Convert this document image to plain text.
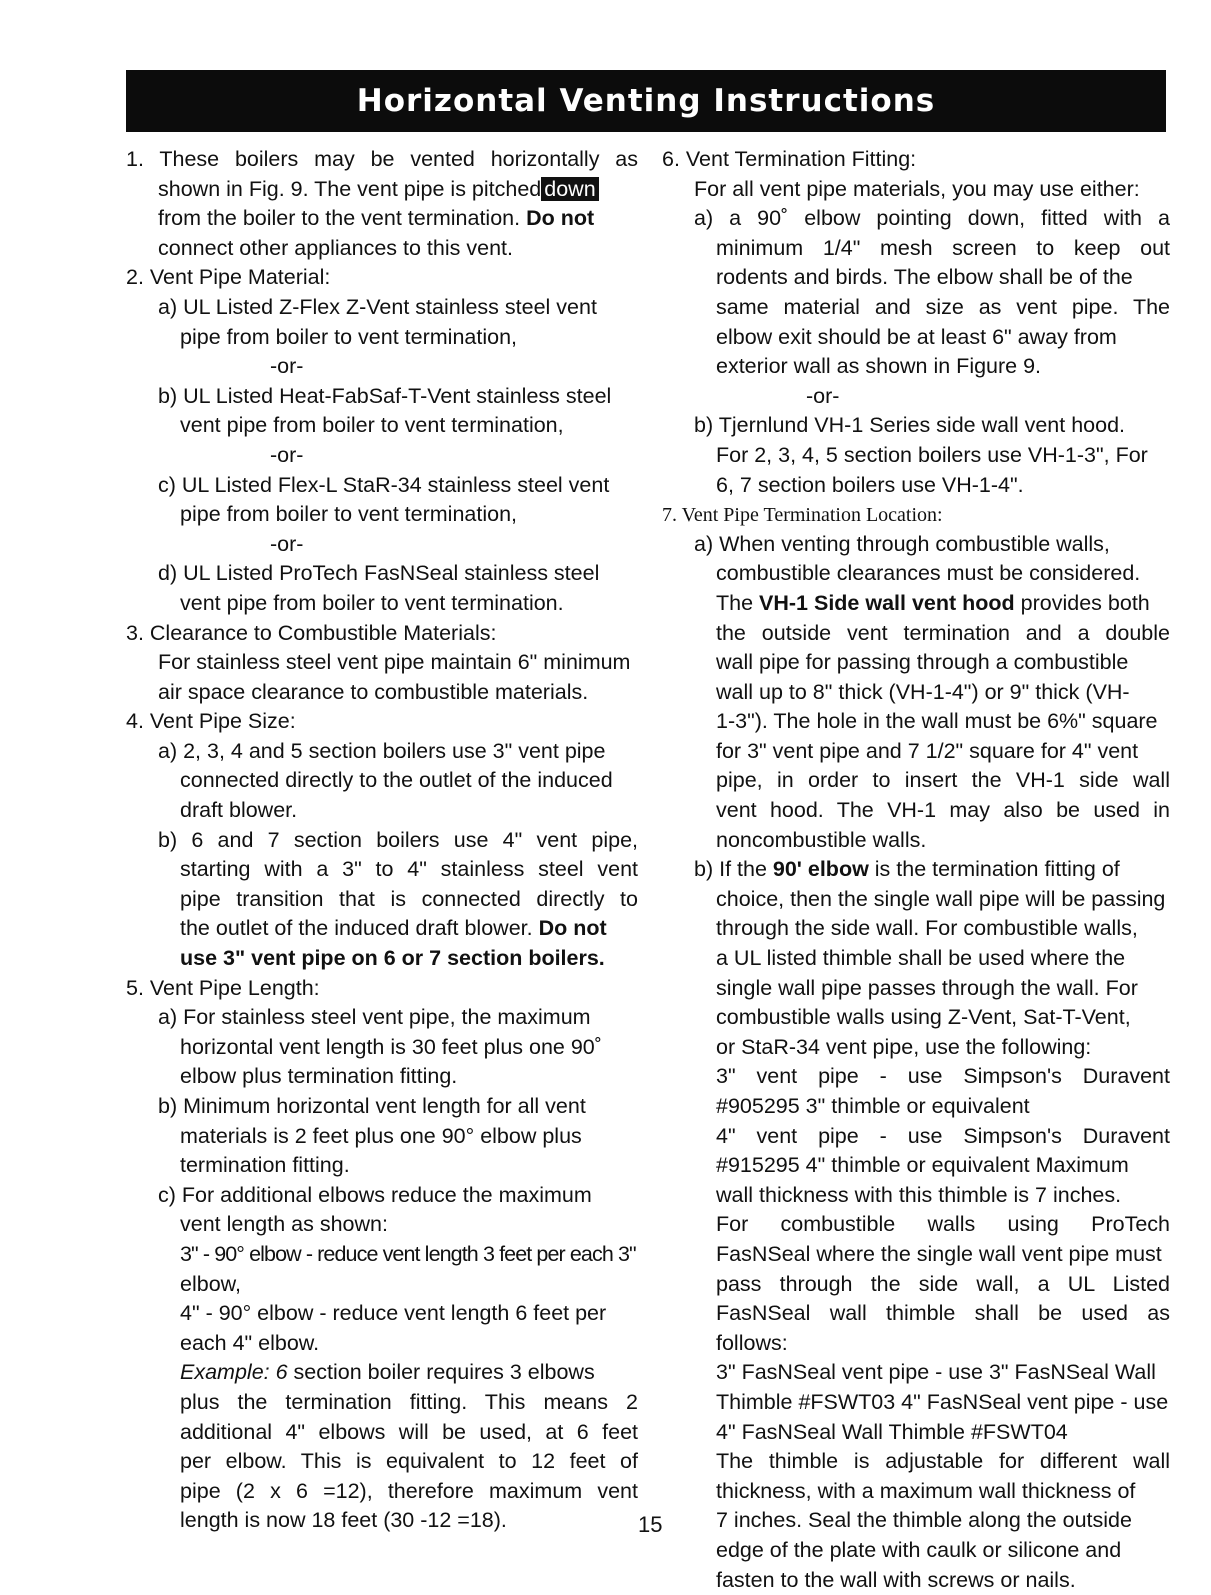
Horizontal Venting Instructions
1. These boilers may be vented horizontally as
shown in Fig. 9. The vent pipe is pitched down
from the boiler to the vent termination. Do not
connect other appliances to this vent.
2. Vent Pipe Material:
a) UL Listed Z-Flex Z-Vent stainless steel vent
pipe from boiler to vent termination,
-or-
b) UL Listed Heat-FabSaf-T-Vent stainless steel
vent pipe from boiler to vent termination,
-or-
c) UL Listed Flex-L StaR-34 stainless steel vent
pipe from boiler to vent termination,
-or-
d) UL Listed ProTech FasNSeal stainless steel
vent pipe from boiler to vent termination.
3. Clearance to Combustible Materials:
For stainless steel vent pipe maintain 6" minimum
air space clearance to combustible materials.
4. Vent Pipe Size:
a) 2, 3, 4 and 5 section boilers use 3" vent pipe
connected directly to the outlet of the induced
draft blower.
b) 6 and 7 section boilers use 4" vent pipe,
starting with a 3" to 4" stainless steel vent
pipe transition that is connected directly to
the outlet of the induced draft blower. Do not
use 3" vent pipe on 6 or 7 section boilers.
5. Vent Pipe Length:
a) For stainless steel vent pipe, the maximum
horizontal vent length is 30 feet plus one 90˚
elbow plus termination fitting.
b) Minimum horizontal vent length for all vent
materials is 2 feet plus one 90° elbow plus
termination fitting.
c) For additional elbows reduce the maximum
vent length as shown:
3" - 90° elbow - reduce vent length 3 feet per each 3"
elbow,
4" - 90° elbow - reduce vent length 6 feet per
each 4" elbow.
Example: 6 section boiler requires 3 elbows
plus the termination fitting. This means 2
additional 4" elbows will be used, at 6 feet
per elbow. This is equivalent to 12 feet of
pipe (2 x 6 =12), therefore maximum vent
length is now 18 feet (30 -12 =18).
6. Vent Termination Fitting:
For all vent pipe materials, you may use either:
a) a 90˚ elbow pointing down, fitted with a
minimum 1/4" mesh screen to keep out
rodents and birds. The elbow shall be of the
same material and size as vent pipe. The
elbow exit should be at least 6" away from
exterior wall as shown in Figure 9.
-or-
b) Tjernlund VH-1 Series side wall vent hood.
For 2, 3, 4, 5 section boilers use VH-1-3", For
6, 7 section boilers use VH-1-4".
7. Vent Pipe Termination Location:
a) When venting through combustible walls,
combustible clearances must be considered.
The VH-1 Side wall vent hood provides both
the outside vent termination and a double
wall pipe for passing through a combustible
wall up to 8" thick (VH-1-4") or 9" thick (VH-
1-3"). The hole in the wall must be 6%" square
for 3" vent pipe and 7 1/2" square for 4" vent
pipe, in order to insert the VH-1 side wall
vent hood. The VH-1 may also be used in
noncombustible walls.
b) If the 90' elbow is the termination fitting of
choice, then the single wall pipe will be passing
through the side wall. For combustible walls,
a UL listed thimble shall be used where the
single wall pipe passes through the wall. For
combustible walls using Z-Vent, Sat-T-Vent,
or StaR-34 vent pipe, use the following:
3" vent pipe - use Simpson's Duravent
#905295 3" thimble or equivalent
4" vent pipe - use Simpson's Duravent
#915295 4" thimble or equivalent Maximum
wall thickness with this thimble is 7 inches.
For combustible walls using ProTech
FasNSeal where the single wall vent pipe must
pass through the side wall, a UL Listed
FasNSeal wall thimble shall be used as
follows:
3" FasNSeal vent pipe - use 3" FasNSeal Wall
Thimble #FSWT03 4" FasNSeal vent pipe - use
4" FasNSeal Wall Thimble #FSWT04
The thimble is adjustable for different wall
thickness, with a maximum wall thickness of
7 inches. Seal the thimble along the outside
edge of the plate with caulk or silicone and
fasten to the wall with screws or nails.
15
